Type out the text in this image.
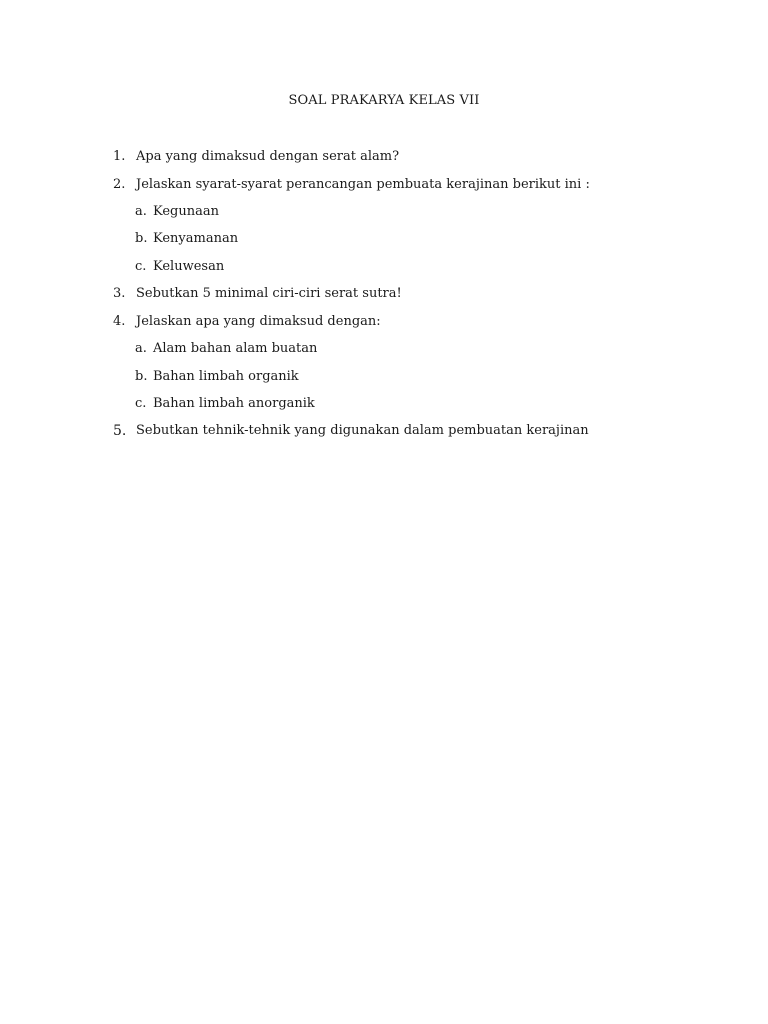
SOAL PRAKARYA KELAS VII
1. Apa yang dimaksud dengan serat alam?
2. Jelaskan syarat-syarat perancangan pembuata kerajinan berikut ini :
a. Kegunaan
b. Kenyamanan
c. Keluwesan
3. Sebutkan 5 minimal ciri-ciri serat sutra!
4. Jelaskan apa yang dimaksud dengan:
a. Alam bahan alam buatan
b. Bahan limbah organik
c. Bahan limbah anorganik
5. Sebutkan tehnik-tehnik yang digunakan dalam pembuatan kerajinan
